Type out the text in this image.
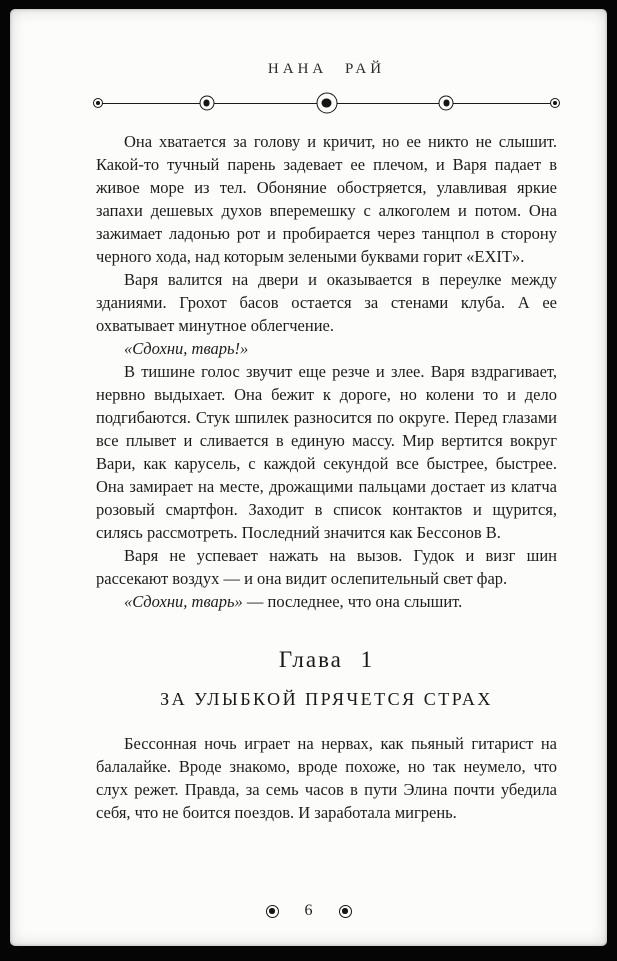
НАНА РАЙ

Она хватается за голову и кричит, но ее никто не слышит. Какой-то тучный парень задевает ее плечом, и Варя падает в живое море из тел. Обоняние обостряется, улавливая яркие запахи дешевых духов вперемешку с алкоголем и потом. Она зажимает ладонью рот и пробирается через танцпол в сторону черного хода, над которым зелеными буквами горит «EXIT».

Варя валится на двери и оказывается в переулке между зданиями. Грохот басов остается за стенами клуба. А ее охватывает минутное облегчение.

«Сдохни, тварь!»

В тишине голос звучит еще резче и злее. Варя вздрагивает, нервно выдыхает. Она бежит к дороге, но колени то и дело подгибаются. Стук шпилек разносится по округе. Перед глазами все плывет и сливается в единую массу. Мир вертится вокруг Вари, как карусель, с каждой секундой все быстрее, быстрее. Она замирает на месте, дрожащими пальцами достает из клатча розовый смартфон. Заходит в список контактов и щурится, силясь рассмотреть. Последний значится как Бессонов В.

Варя не успевает нажать на вызов. Гудок и визг шин рассекают воздух — и она видит ослепительный свет фар.

«Сдохни, тварь» — последнее, что она слышит.

Глава 1
ЗА УЛЫБКОЙ ПРЯЧЕТСЯ СТРАХ

Бессонная ночь играет на нервах, как пьяный гитарист на балалайке. Вроде знакомо, вроде похоже, но так неумело, что слух режет. Правда, за семь часов в пути Элина почти убедила себя, что не боится поездов. И заработала мигрень.

6
